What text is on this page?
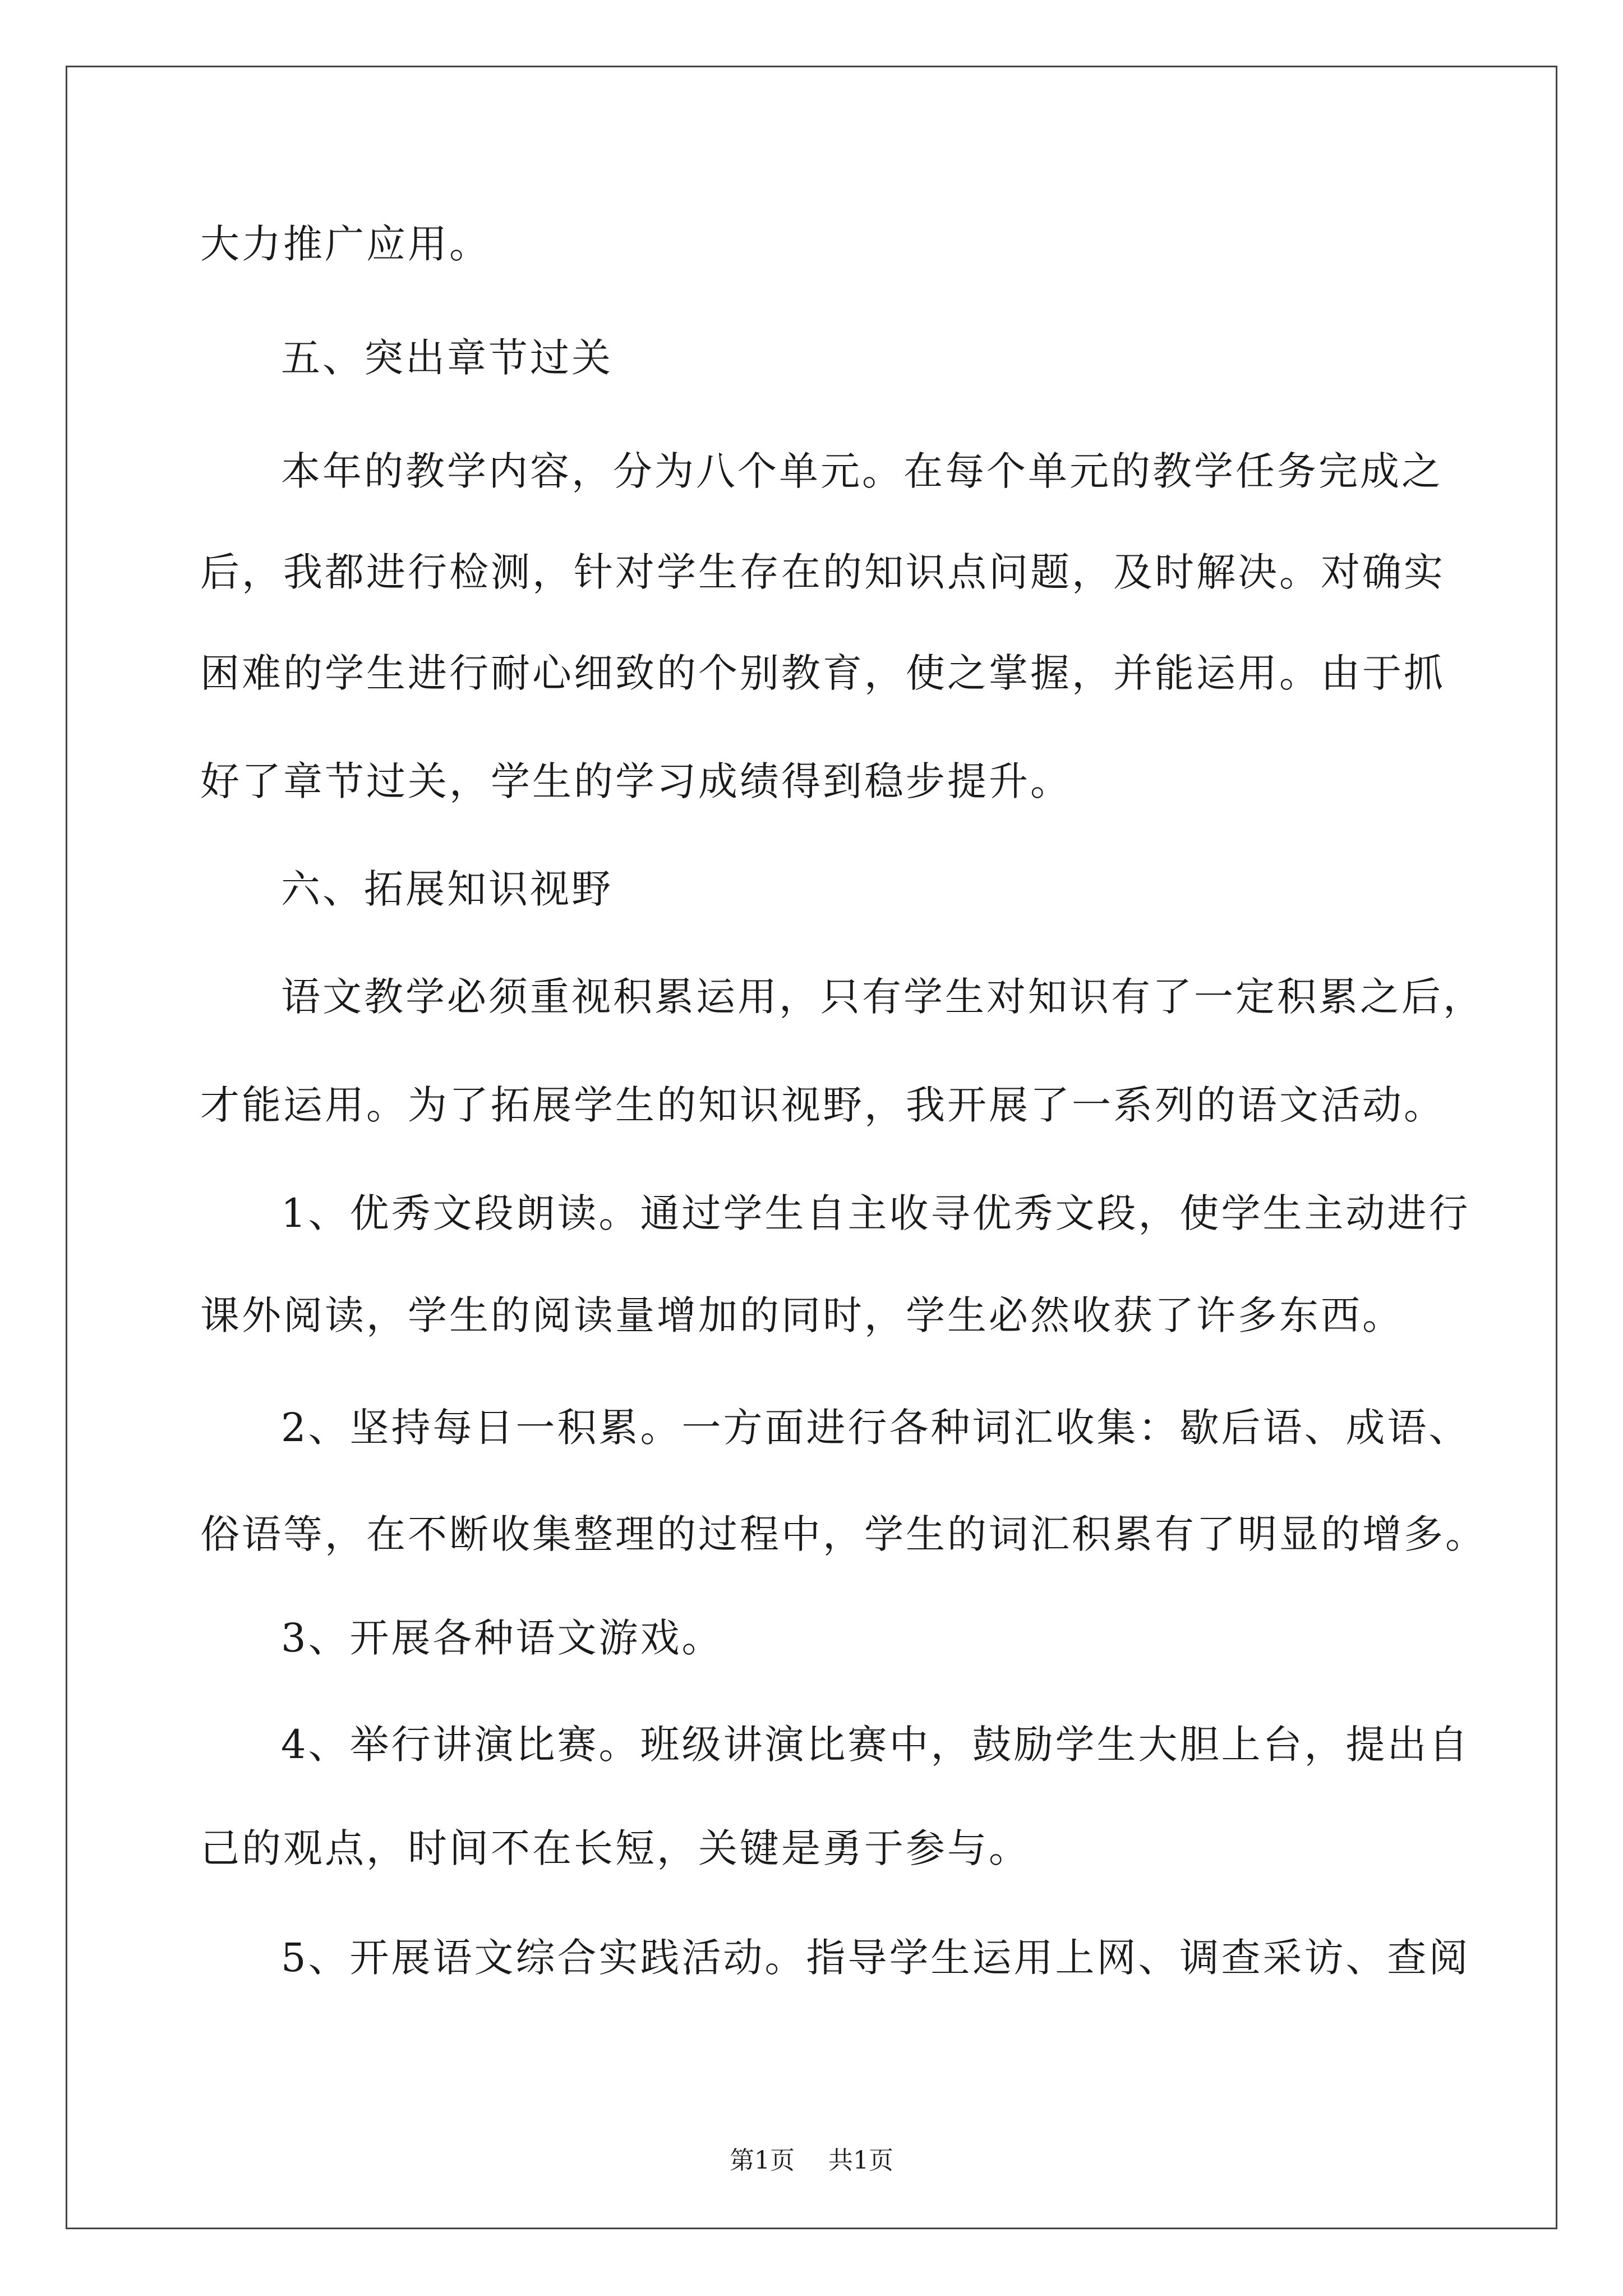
大力推广应用。
五、突出章节过关
本年的教学内容，分为八个单元。在每个单元的教学任务完成之
后，我都进行检测，针对学生存在的知识点问题，及时解决。对确实
困难的学生进行耐心细致的个别教育，使之掌握，并能运用。由于抓
好了章节过关，学生的学习成绩得到稳步提升。
六、拓展知识视野
语文教学必须重视积累运用，只有学生对知识有了一定积累之后，
才能运用。为了拓展学生的知识视野，我开展了一系列的语文活动。
1、优秀文段朗读。通过学生自主收寻优秀文段，使学生主动进行
课外阅读，学生的阅读量增加的同时，学生必然收获了许多东西。
2、坚持每日一积累。一方面进行各种词汇收集：歇后语、成语、
俗语等，在不断收集整理的过程中，学生的词汇积累有了明显的增多。
3、开展各种语文游戏。
4、举行讲演比赛。班级讲演比赛中，鼓励学生大胆上台，提出自
己的观点，时间不在长短，关键是勇于参与。
5、开展语文综合实践活动。指导学生运用上网、调查采访、查阅
第1页 共1页
